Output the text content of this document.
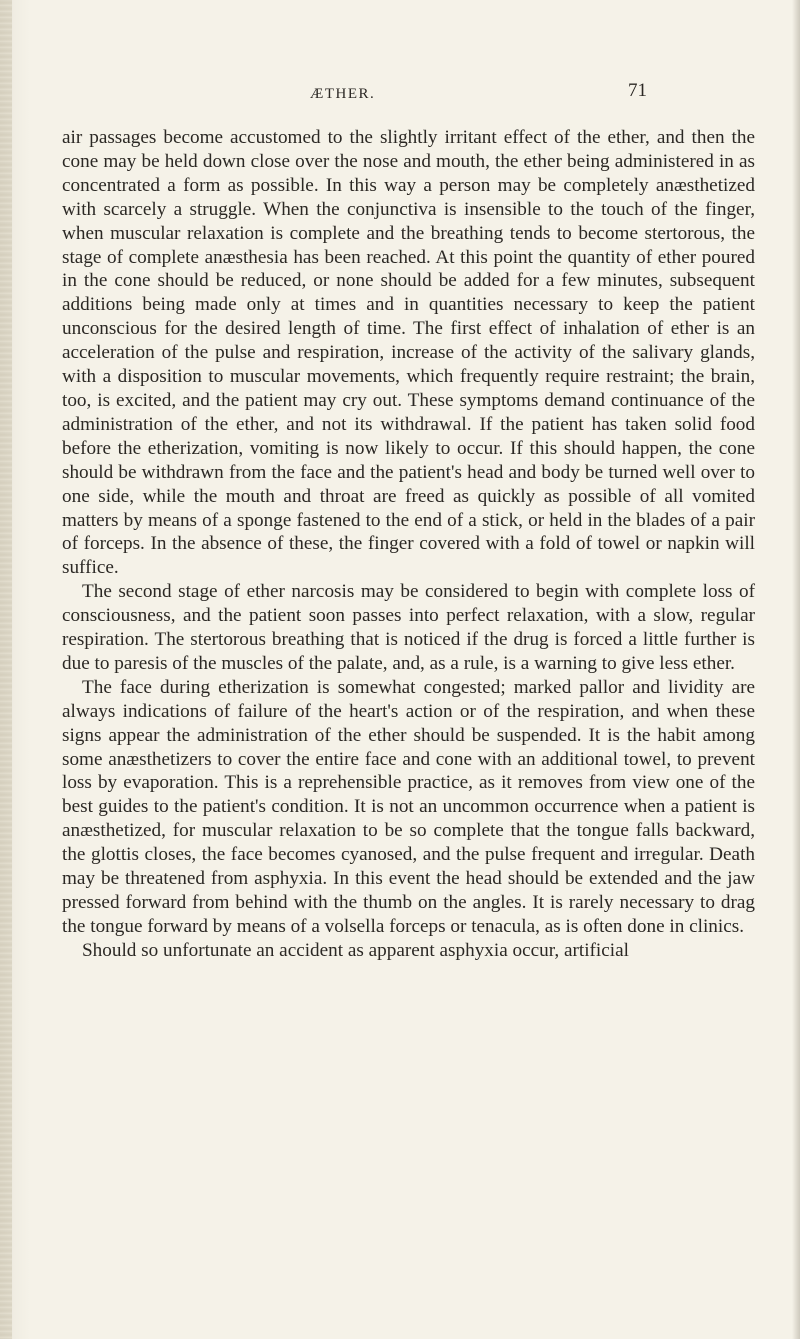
ÆTHER.	71

air passages become accustomed to the slightly irritant effect of the ether, and then the cone may be held down close over the nose and mouth, the ether being administered in as concentrated a form as possible. In this way a person may be completely anæsthetized with scarcely a struggle. When the conjunctiva is insensible to the touch of the finger, when muscular relaxation is complete and the breathing tends to become stertorous, the stage of complete anæsthesia has been reached. At this point the quantity of ether poured in the cone should be reduced, or none should be added for a few minutes, subsequent additions being made only at times and in quantities necessary to keep the patient unconscious for the desired length of time. The first effect of inhalation of ether is an acceleration of the pulse and respiration, increase of the activity of the salivary glands, with a disposition to muscular movements, which frequently require restraint; the brain, too, is excited, and the patient may cry out. These symptoms demand continuance of the administration of the ether, and not its withdrawal. If the patient has taken solid food before the etherization, vomiting is now likely to occur. If this should happen, the cone should be withdrawn from the face and the patient's head and body be turned well over to one side, while the mouth and throat are freed as quickly as possible of all vomited matters by means of a sponge fastened to the end of a stick, or held in the blades of a pair of forceps. In the absence of these, the finger covered with a fold of towel or napkin will suffice.

The second stage of ether narcosis may be considered to begin with complete loss of consciousness, and the patient soon passes into perfect relaxation, with a slow, regular respiration. The stertorous breathing that is noticed if the drug is forced a little further is due to paresis of the muscles of the palate, and, as a rule, is a warning to give less ether.

The face during etherization is somewhat congested; marked pallor and lividity are always indications of failure of the heart's action or of the respiration, and when these signs appear the administration of the ether should be suspended. It is the habit among some anæsthetizers to cover the entire face and cone with an additional towel, to prevent loss by evaporation. This is a reprehensible practice, as it removes from view one of the best guides to the patient's condition. It is not an uncommon occurrence when a patient is anæsthetized, for muscular relaxation to be so complete that the tongue falls backward, the glottis closes, the face becomes cyanosed, and the pulse frequent and irregular. Death may be threatened from asphyxia. In this event the head should be extended and the jaw pressed forward from behind with the thumb on the angles. It is rarely necessary to drag the tongue forward by means of a volsella forceps or tenacula, as is often done in clinics.

Should so unfortunate an accident as apparent asphyxia occur, artificial
